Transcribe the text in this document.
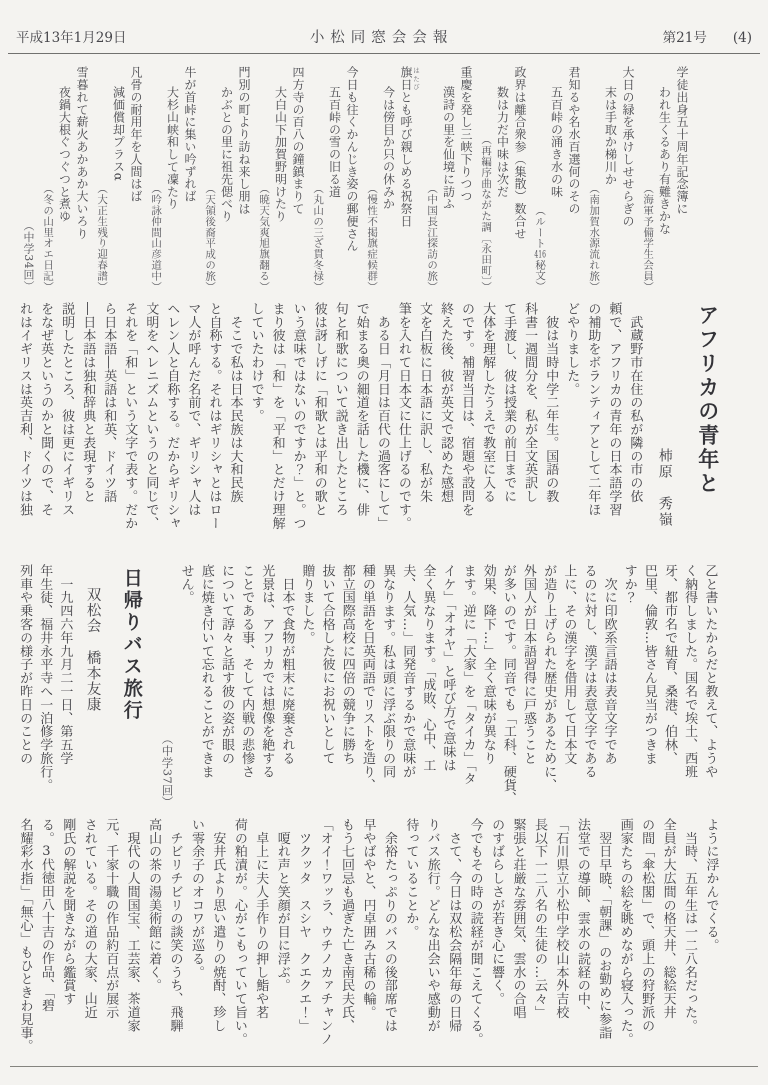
平成13年1月29日	小松同窓会会報	第21号 (4)
学徒出身五十周年記念簿に
われ生くるあり有難きかな
（海軍予備学生会員）
大日の緑を承けしせせらぎの
末は手取か梯川か
（南加賀水源流れ旅）
君知るや名水百選何のその
五百峠の涌き水の味
（ルート416秘文）
政界は離合衆参（集散）数合せ
数は力だ中味は次だ
（再編序曲ながた調〔永田町〕）
重慶を発し三峡下りつつ
漢詩の里を仙境に訪ふ
（中国長江探訪の旅）
旗日 はたびとも呼び親しめる祝祭日
今は傍目か只の休みか
（慢性不掲旗症候群）
今日も往くかんじき姿の郵便さん
五百峠の雪の旧る道
（丸山の三ざ貫冬禄）
四方寺の百八の鐘鎮まりて
大白山下加賀野明けたり
（暁天気爽旭旗翻る）
門別の町より訪ね来し朋は
かぶとの里に祖先偲べり
（天領後裔平成の旅）
牛が首峠に集い吟ずれば
大杉山峡和して凜たり
（吟詠仲間山彦道中）
凡骨の耐用年を人間はば
減価償却プラスα
（大正生残り迎春譜）
雪暮れて薪火あかあか大いろり
夜鍋大根ぐつぐつと煮ゆ
（冬の山里オエ日記）
（中学34回）
アフリカの青年と
柿原　秀嶺
　武蔵野市在住の私が隣の市の依
頼で、アフリカの青年の日本語学習
の補助をボランティアとして二年ほ
どやりました。
　彼は当時中学二年生。国語の教
科書一週間分を、私が全文英訳し
て手渡し、彼は授業の前日までに
大体を理解したうえで教室に入る
のです。補習当日は、宿題や設問を
終えた後、彼が英文で認めた感想
文を白板に日本語に訳し、私が朱
筆を入れて日本文に仕上げるのです。
　ある日「月日は百代の過客にして」
で始まる奥の細道を話した機に、俳
句と和歌について説き出したところ
彼は訝しげに「和歌とは平和の歌と
いう意味ではないのですか？」と。つ
まり彼は「和」を「平和」とだけ理解
していたわけです。
　そこで私は日本民族は大和民族
と自称する。それはギリシャとはロー
マ人が呼んだ名前で、ギリシャ人は
ヘレン人と自称する。だからギリシャ
文明をヘレニズムというのと同じで、
それを「和」という文字で表す。だか
ら日本語―英語は和英、ドイツ語
―日本語は独和辞典と表現すると
説明したところ、彼は更にイギリス
をなぜ英というのかと聞くので、そ
れはイギリスは英吉利、ドイツは独
乙と書いたからだと教えて、ようや
く納得しました。国名で埃土、西班
牙、都市名で紐育、桑港、伯林、
巴里、倫敦…皆さん見当がつきま
すか？
　次に印欧系言語は表音文字であ
るのに対し、漢字は表意文字である
上に、その漢字を借用して日本文
が造り上げられた歴史があるために、
外国人が日本語習得に戸惑うこと
が多いのです。同音でも「工科、硬貨、
効果、降下…」全く意味が異なり
ます。逆に「大家」を「タイカ」「タ
イケ」「オオヤ」と呼び方で意味は
全く異なります。「成敗、心中、工
夫、人気…」同発音するかで意味が
異なります。私は頭に浮ぶ限りの同
種の単語を日英両語でリストを造り、
都立国際高校に四倍の競争に勝ち
抜いて合格した彼にお祝いとして
贈りました。
　日本で食物が粗末に廃棄される
光景は、アフリカでは想像を絶する
ことである事、そして内戦の悲惨さ
について諄々と話す彼の姿が眼の
底に焼き付いて忘れることができま
せん。
（中学37回）
日帰りバス旅行
双松会橋本友康
　一九四六年九月二一日、第五学
年生徒、福井永平寺へ一泊修学旅行。
列車や乗客の様子が昨日のことの
ように浮かんでくる。
　当時、五年生は一二八名だった。
全員が大広間の格天井、総絵天井
の間「傘松閣」で、頭上の狩野派の
画家たちの絵を眺めながら寝入った。
　翌日早暁、「朝課」のお勤めに参詣
法堂での導師、雲水の読経の中、
「石川県立小松中学校山本外吉校
長以下一二八名の生徒の…云々」
緊張と荘厳な雰囲気、雲水の合唱
のすばらしさが若き心に響く。
今でもその時の読経が聞こえてくる。
　さて、今日は双松会隔年毎の日帰
りバス旅行。どんな出会いや感動が
待っていることか。
　余裕たっぷりのバスの後部席では
早やばやと、円卓囲み古稀の輪。
もう七回忌も過ぎた亡き南民夫氏、
「オイ！ワッラ、ウチノカァチャンノ
　ツクッタ　スシヤ　クエクエ！」
　嗄れ声と笑顔が目に浮ぶ。
　卓上に夫人手作りの押し鮨や茗
荷の粕漬が。心がこもっていて旨い。
　安井氏より思い遣りの焼酎、珍し
い零余子のオコワが巡る。
　チビリチビリの談笑のうち、飛騨
高山の茶の湯美術館に着く。
　現代の人間国宝、工芸家、茶道家
元、千家十職の作品約百点が展示
されている。その道の大家、山近
剛氏の解説を聞きながら鑑賞す
る。3代徳田八十吉の作品、「碧
名耀彩水指」「無心」もひときわ見事。
